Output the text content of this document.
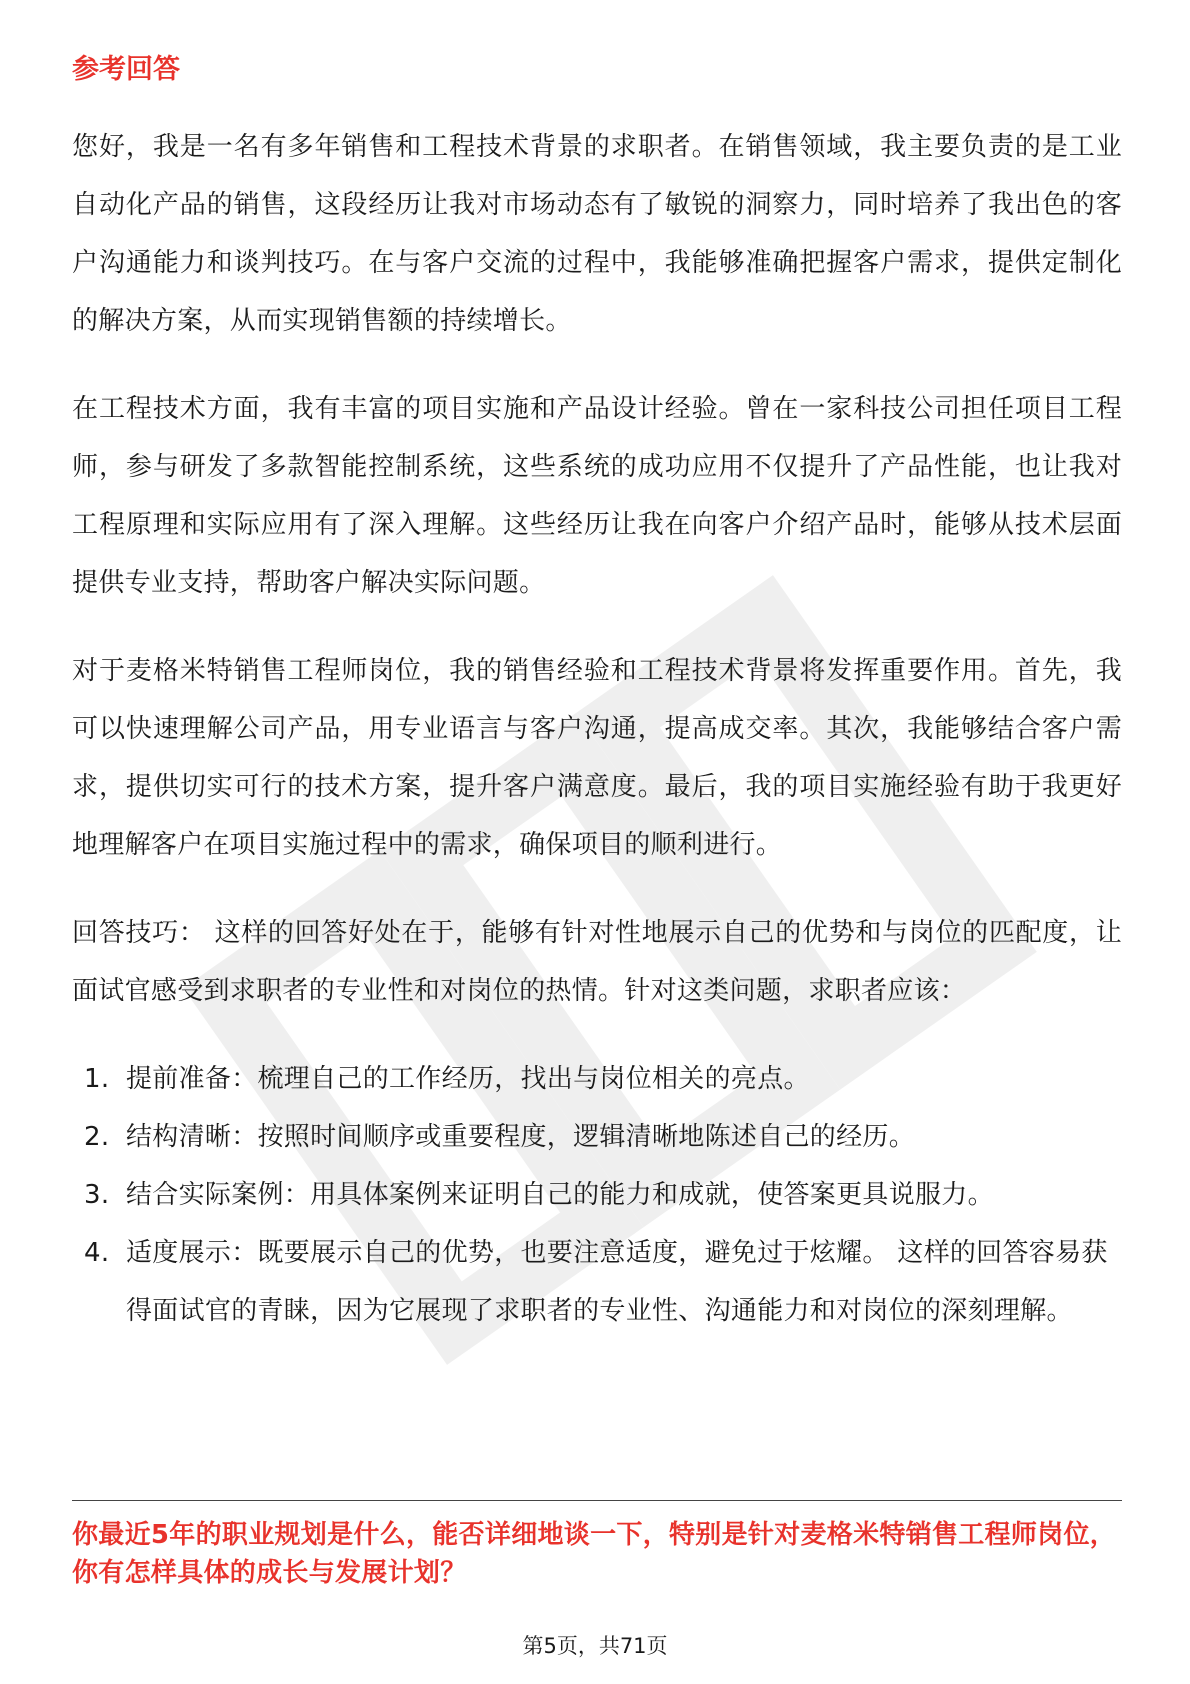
参考回答

您好，我是一名有多年销售和工程技术背景的求职者。在销售领域，我主要负责的是工业自动化产品的销售，这段经历让我对市场动态有了敏锐的洞察力，同时培养了我出色的客户沟通能力和谈判技巧。在与客户交流的过程中，我能够准确把握客户需求，提供定制化的解决方案，从而实现销售额的持续增长。

在工程技术方面，我有丰富的项目实施和产品设计经验。曾在一家科技公司担任项目工程师，参与研发了多款智能控制系统，这些系统的成功应用不仅提升了产品性能，也让我对工程原理和实际应用有了深入理解。这些经历让我在向客户介绍产品时，能够从技术层面提供专业支持，帮助客户解决实际问题。

对于麦格米特销售工程师岗位，我的销售经验和工程技术背景将发挥重要作用。首先，我可以快速理解公司产品，用专业语言与客户沟通，提高成交率。其次，我能够结合客户需求，提供切实可行的技术方案，提升客户满意度。最后，我的项目实施经验有助于我更好地理解客户在项目实施过程中的需求，确保项目的顺利进行。

回答技巧： 这样的回答好处在于，能够有针对性地展示自己的优势和与岗位的匹配度，让面试官感受到求职者的专业性和对岗位的热情。针对这类问题，求职者应该：

1. 提前准备：梳理自己的工作经历，找出与岗位相关的亮点。
2. 结构清晰：按照时间顺序或重要程度，逻辑清晰地陈述自己的经历。
3. 结合实际案例：用具体案例来证明自己的能力和成就，使答案更具说服力。
4. 适度展示：既要展示自己的优势，也要注意适度，避免过于炫耀。 这样的回答容易获得面试官的青睐，因为它展现了求职者的专业性、沟通能力和对岗位的深刻理解。
你最近5年的职业规划是什么，能否详细地谈一下，特别是针对麦格米特销售工程师岗位，你有怎样具体的成长与发展计划？
第5页，共71页
